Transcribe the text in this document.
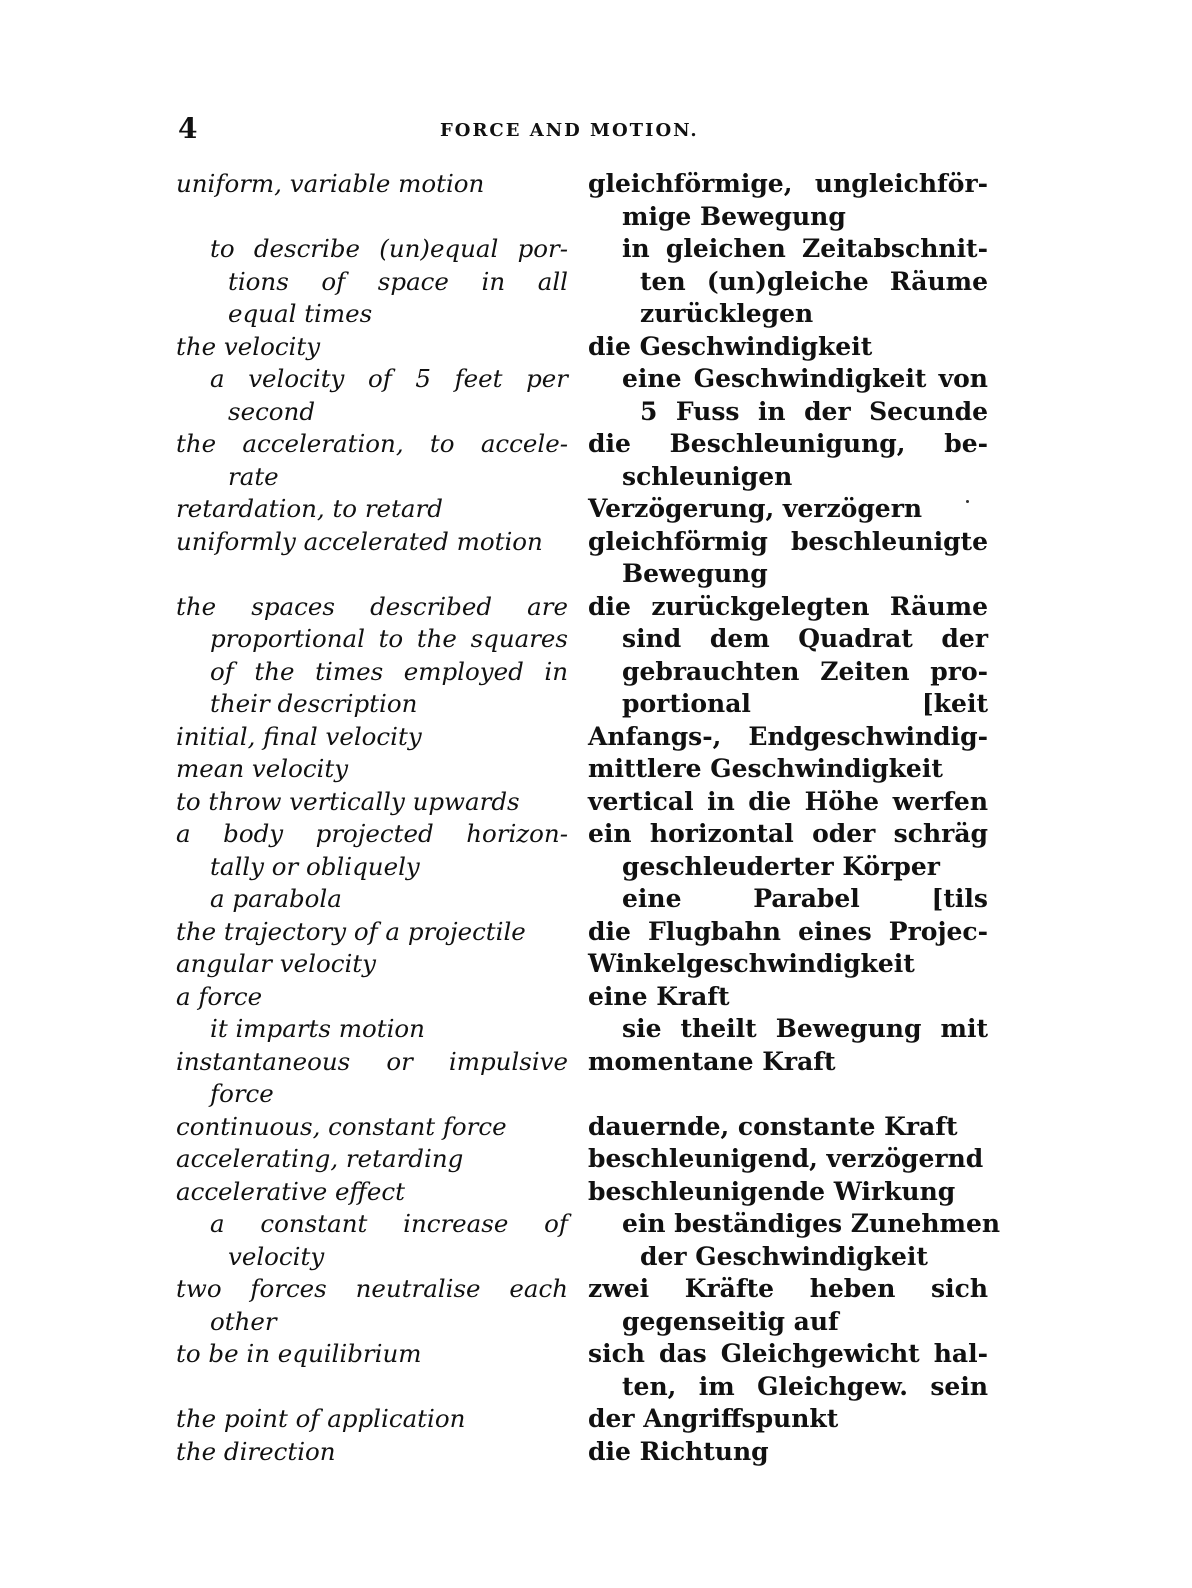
4	FORCE AND MOTION.
uniform, variable motion
to describe (un)equal por-
tions of space in all
equal times
the velocity
a velocity of 5 feet per
second
the acceleration, to accele-
rate
retardation, to retard
uniformly accelerated motion
the spaces described are
proportional to the squares
of the times employed in
their description
initial, final velocity
mean velocity
to throw vertically upwards
a body projected horizon-
tally or obliquely
a parabola
the trajectory of a projectile
angular velocity
a force
it imparts motion
instantaneous or impulsive
force
continuous, constant force
accelerating, retarding
accelerative effect
a constant increase of
velocity
two forces neutralise each
other
to be in equilibrium
the point of application
the direction
gleichförmige, ungleichför-
mige Bewegung
in gleichen Zeitabschnit-
ten (un)gleiche Räume
zurücklegen
die Geschwindigkeit
eine Geschwindigkeit von
5 Fuss in der Secunde
die Beschleunigung, be-
schleunigen
Verzögerung, verzögern
gleichförmig beschleunigte
Bewegung
die zurückgelegten Räume
sind dem Quadrat der
gebrauchten Zeiten pro-
portional [keit
Anfangs-, Endgeschwindig-
mittlere Geschwindigkeit
vertical in die Höhe werfen
ein horizontal oder schräg
geschleuderter Körper
eine Parabel [tils
die Flugbahn eines Projec-
Winkelgeschwindigkeit
eine Kraft
sie theilt Bewegung mit
momentane Kraft
dauernde, constante Kraft
beschleunigend, verzögernd
beschleunigende Wirkung
ein beständiges Zunehmen
der Geschwindigkeit
zwei Kräfte heben sich
gegenseitig auf
sich das Gleichgewicht hal-
ten, im Gleichgew. sein
der Angriffspunkt
die Richtung
